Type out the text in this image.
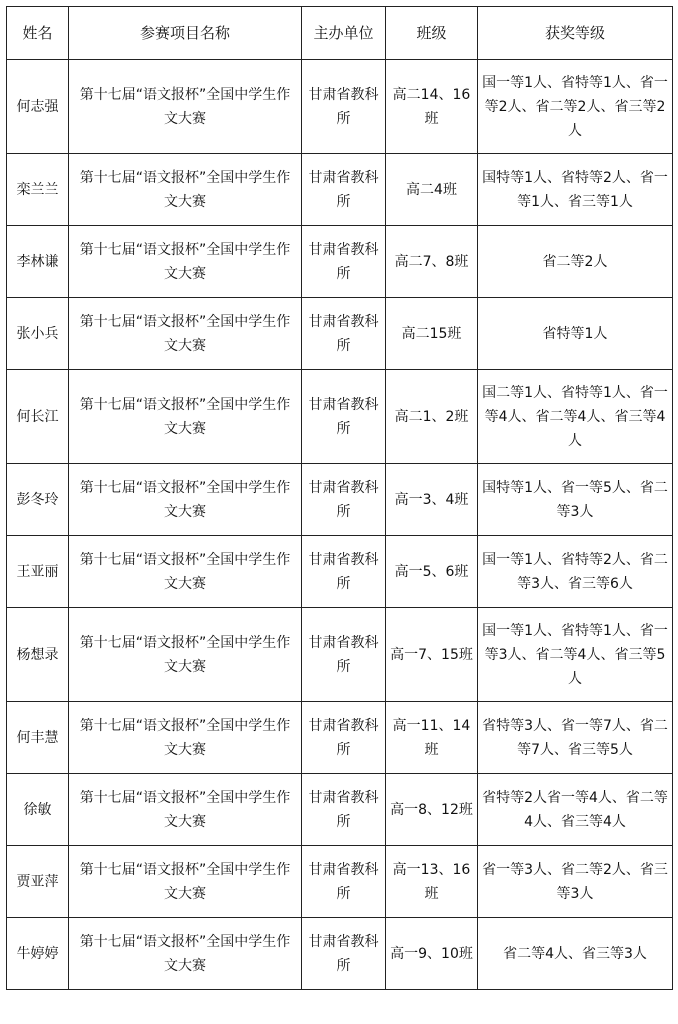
姓名	参赛项目名称	主办单位	班级	获奖等级
何志强	第十七届“语文报杯”全国中学生作文大赛	甘肃省教科所	高二14、16班	国一等1人、省特等1人、省一等2人、省二等2人、省三等2人
栾兰兰	第十七届“语文报杯”全国中学生作文大赛	甘肃省教科所	高二4班	国特等1人、省特等2人、省一等1人、省三等1人
李林谦	第十七届“语文报杯”全国中学生作文大赛	甘肃省教科所	高二7、8班	省二等2人
张小兵	第十七届“语文报杯”全国中学生作文大赛	甘肃省教科所	高二15班	省特等1人
何长江	第十七届“语文报杯”全国中学生作文大赛	甘肃省教科所	高二1、2班	国二等1人、省特等1人、省一等4人、省二等4人、省三等4人
彭冬玲	第十七届“语文报杯”全国中学生作文大赛	甘肃省教科所	高一3、4班	国特等1人、省一等5人、省二等3人
王亚丽	第十七届“语文报杯”全国中学生作文大赛	甘肃省教科所	高一5、6班	国一等1人、省特等2人、省二等3人、省三等6人
杨想录	第十七届“语文报杯”全国中学生作文大赛	甘肃省教科所	高一7、15班	国一等1人、省特等1人、省一等3人、省二等4人、省三等5人
何丰慧	第十七届“语文报杯”全国中学生作文大赛	甘肃省教科所	高一11、14班	省特等3人、省一等7人、省二等7人、省三等5人
徐敏	第十七届“语文报杯”全国中学生作文大赛	甘肃省教科所	高一8、12班	省特等2人省一等4人、省二等4人、省三等4人
贾亚萍	第十七届“语文报杯”全国中学生作文大赛	甘肃省教科所	高一13、16班	省一等3人、省二等2人、省三等3人
牛婷婷	第十七届“语文报杯”全国中学生作文大赛	甘肃省教科所	高一9、10班	省二等4人、省三等3人
